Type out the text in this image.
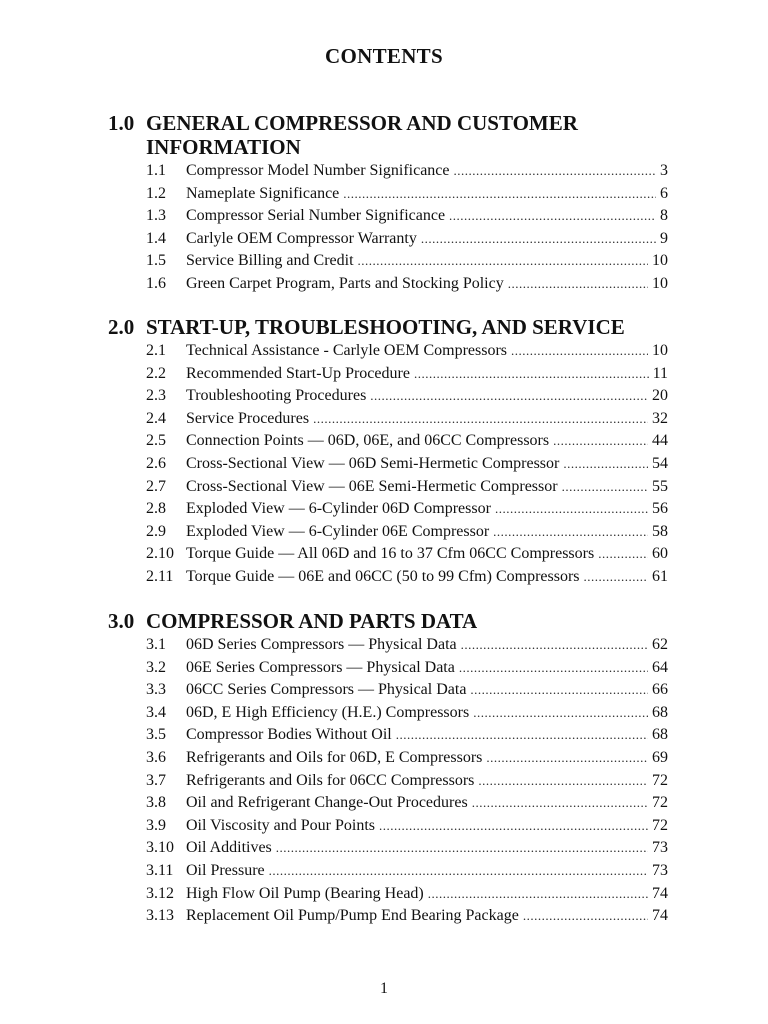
CONTENTS
1.0 GENERAL COMPRESSOR AND CUSTOMER INFORMATION
1.1	Compressor Model Number Significance .....	3
1.2	Nameplate Significance .....	6
1.3	Compressor Serial Number Significance .....	8
1.4	Carlyle OEM Compressor Warranty .....	9
1.5	Service Billing and Credit .....	10
1.6	Green Carpet Program, Parts and Stocking Policy .....	10
2.0 START-UP, TROUBLESHOOTING, AND SERVICE
2.1	Technical Assistance - Carlyle OEM Compressors .....	10
2.2	Recommended Start-Up Procedure .....	11
2.3	Troubleshooting Procedures .....	20
2.4	Service Procedures .....	32
2.5	Connection Points — 06D, 06E, and 06CC Compressors .....	44
2.6	Cross-Sectional View — 06D Semi-Hermetic Compressor .....	54
2.7	Cross-Sectional View — 06E Semi-Hermetic Compressor .....	55
2.8	Exploded View — 6-Cylinder 06D Compressor .....	56
2.9	Exploded View — 6-Cylinder 06E Compressor .....	58
2.10 Torque Guide — All 06D and 16 to 37 Cfm 06CC Compressors .....	60
2.11 Torque Guide — 06E and 06CC (50 to 99 Cfm) Compressors .....	61
3.0 COMPRESSOR AND PARTS DATA
3.1	06D Series Compressors — Physical Data .....	62
3.2	06E Series Compressors — Physical Data .....	64
3.3	06CC Series Compressors — Physical Data .....	66
3.4	06D, E High Efficiency (H.E.) Compressors .....	68
3.5	Compressor Bodies Without Oil .....	68
3.6	Refrigerants and Oils for 06D, E Compressors .....	69
3.7	Refrigerants and Oils for 06CC Compressors .....	72
3.8	Oil and Refrigerant Change-Out Procedures .....	72
3.9	Oil Viscosity and Pour Points .....	72
3.10 Oil Additives .....	73
3.11 Oil Pressure .....	73
3.12 High Flow Oil Pump (Bearing Head) .....	74
3.13 Replacement Oil Pump/Pump End Bearing Package .....	74
1
